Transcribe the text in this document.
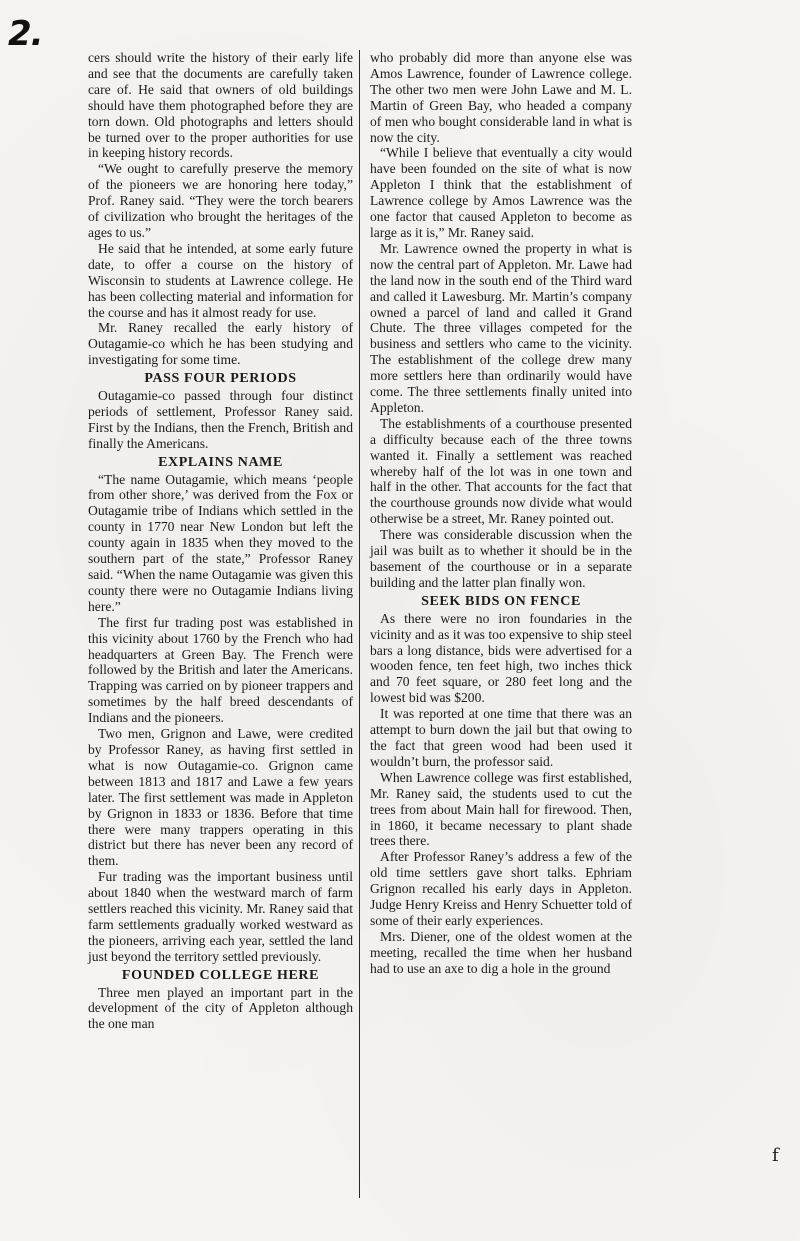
2.

cers should write the history of their early life and see that the documents are carefully taken care of. He said that owners of old buildings should have them photographed before they are torn down. Old photographs and letters should be turned over to the proper authorities for use in keeping history records.

“We ought to carefully preserve the memory of the pioneers we are honoring here today,” Prof. Raney said. “They were the torch bearers of civilization who brought the heritages of the ages to us.”

He said that he intended, at some early future date, to offer a course on the history of Wisconsin to students at Lawrence college. He has been collecting material and information for the course and has it almost ready for use.

Mr. Raney recalled the early history of Outagamie-co which he has been studying and investigating for some time.

PASS FOUR PERIODS

Outagamie-co passed through four distinct periods of settlement, Professor Raney said. First by the Indians, then the French, British and finally the Americans.

EXPLAINS NAME

“The name Outagamie, which means ‘people from other shore,’ was derived from the Fox or Outagamie tribe of Indians which settled in the county in 1770 near New London but left the county again in 1835 when they moved to the southern part of the state,” Professor Raney said. “When the name Outagamie was given this county there were no Outagamie Indians living here.”

The first fur trading post was established in this vicinity about 1760 by the French who had headquarters at Green Bay. The French were followed by the British and later the Americans. Trapping was carried on by pioneer trappers and sometimes by the half breed descendants of Indians and the pioneers.

Two men, Grignon and Lawe, were credited by Professor Raney, as having first settled in what is now Outagamie-co. Grignon came between 1813 and 1817 and Lawe a few years later. The first settlement was made in Appleton by Grignon in 1833 or 1836. Before that time there were many trappers operating in this district but there has never been any record of them.

Fur trading was the important business until about 1840 when the westward march of farm settlers reached this vicinity. Mr. Raney said that farm settlements gradually worked westward as the pioneers, arriving each year, settled the land just beyond the territory settled previously.

FOUNDED COLLEGE HERE

Three men played an important part in the development of the city of Appleton although the one man

who probably did more than anyone else was Amos Lawrence, founder of Lawrence college. The other two men were John Lawe and M. L. Martin of Green Bay, who headed a company of men who bought considerable land in what is now the city.

“While I believe that eventually a city would have been founded on the site of what is now Appleton I think that the establishment of Lawrence college by Amos Lawrence was the one factor that caused Appleton to become as large as it is,” Mr. Raney said.

Mr. Lawrence owned the property in what is now the central part of Appleton. Mr. Lawe had the land now in the south end of the Third ward and called it Lawesburg. Mr. Martin’s company owned a parcel of land and called it Grand Chute. The three villages competed for the business and settlers who came to the vicinity. The establishment of the college drew many more settlers here than ordinarily would have come. The three settlements finally united into Appleton.

The establishments of a courthouse presented a difficulty because each of the three towns wanted it. Finally a settlement was reached whereby half of the lot was in one town and half in the other. That accounts for the fact that the courthouse grounds now divide what would otherwise be a street, Mr. Raney pointed out.

There was considerable discussion when the jail was built as to whether it should be in the basement of the courthouse or in a separate building and the latter plan finally won.

SEEK BIDS ON FENCE

As there were no iron foundaries in the vicinity and as it was too expensive to ship steel bars a long distance, bids were advertised for a wooden fence, ten feet high, two inches thick and 70 feet square, or 280 feet long and the lowest bid was $200.

It was reported at one time that there was an attempt to burn down the jail but that owing to the fact that green wood had been used it wouldn’t burn, the professor said.

When Lawrence college was first established, Mr. Raney said, the students used to cut the trees from about Main hall for firewood. Then, in 1860, it became necessary to plant shade trees there.

After Professor Raney’s address a few of the old time settlers gave short talks. Ephriam Grignon recalled his early days in Appleton. Judge Henry Kreiss and Henry Schuetter told of some of their early experiences.

Mrs. Diener, one of the oldest women at the meeting, recalled the time when her husband had to use an axe to dig a hole in the ground

f
